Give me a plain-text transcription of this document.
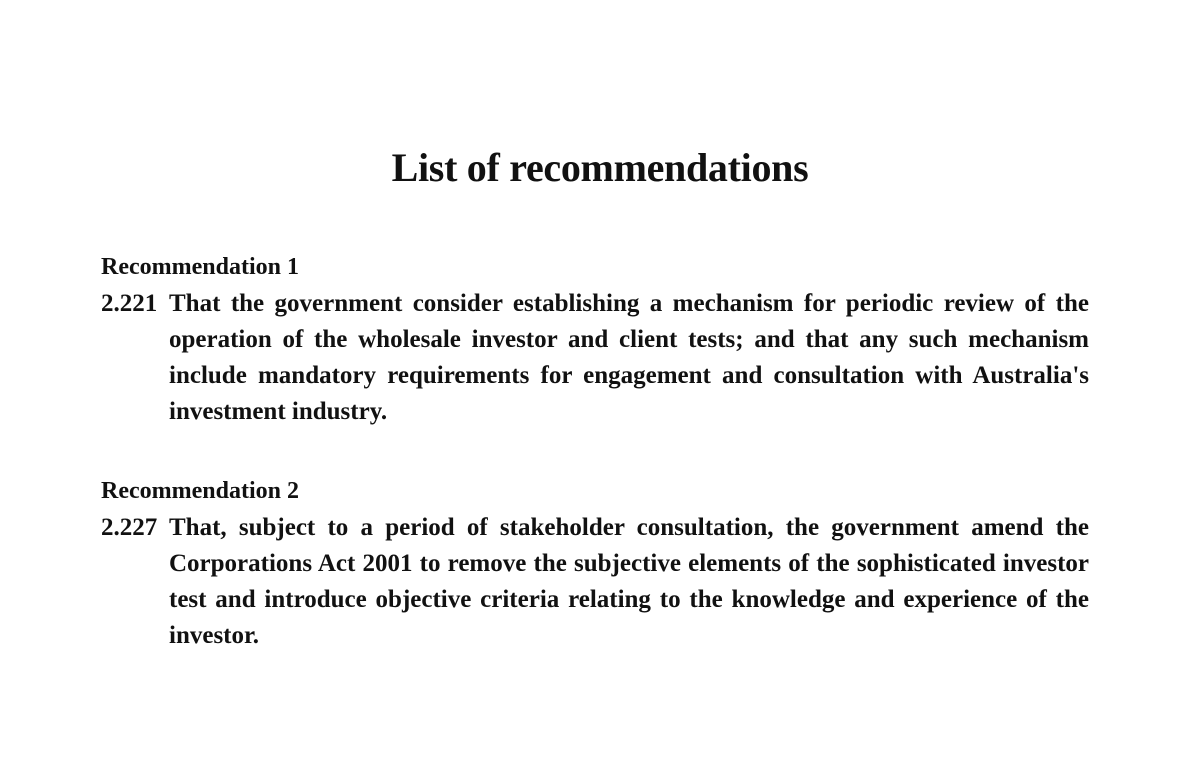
List of recommendations
Recommendation 1
2.221 That the government consider establishing a mechanism for periodic review of the operation of the wholesale investor and client tests; and that any such mechanism include mandatory requirements for engagement and consultation with Australia's investment industry.
Recommendation 2
2.227 That, subject to a period of stakeholder consultation, the government amend the Corporations Act 2001 to remove the subjective elements of the sophisticated investor test and introduce objective criteria relating to the knowledge and experience of the investor.
